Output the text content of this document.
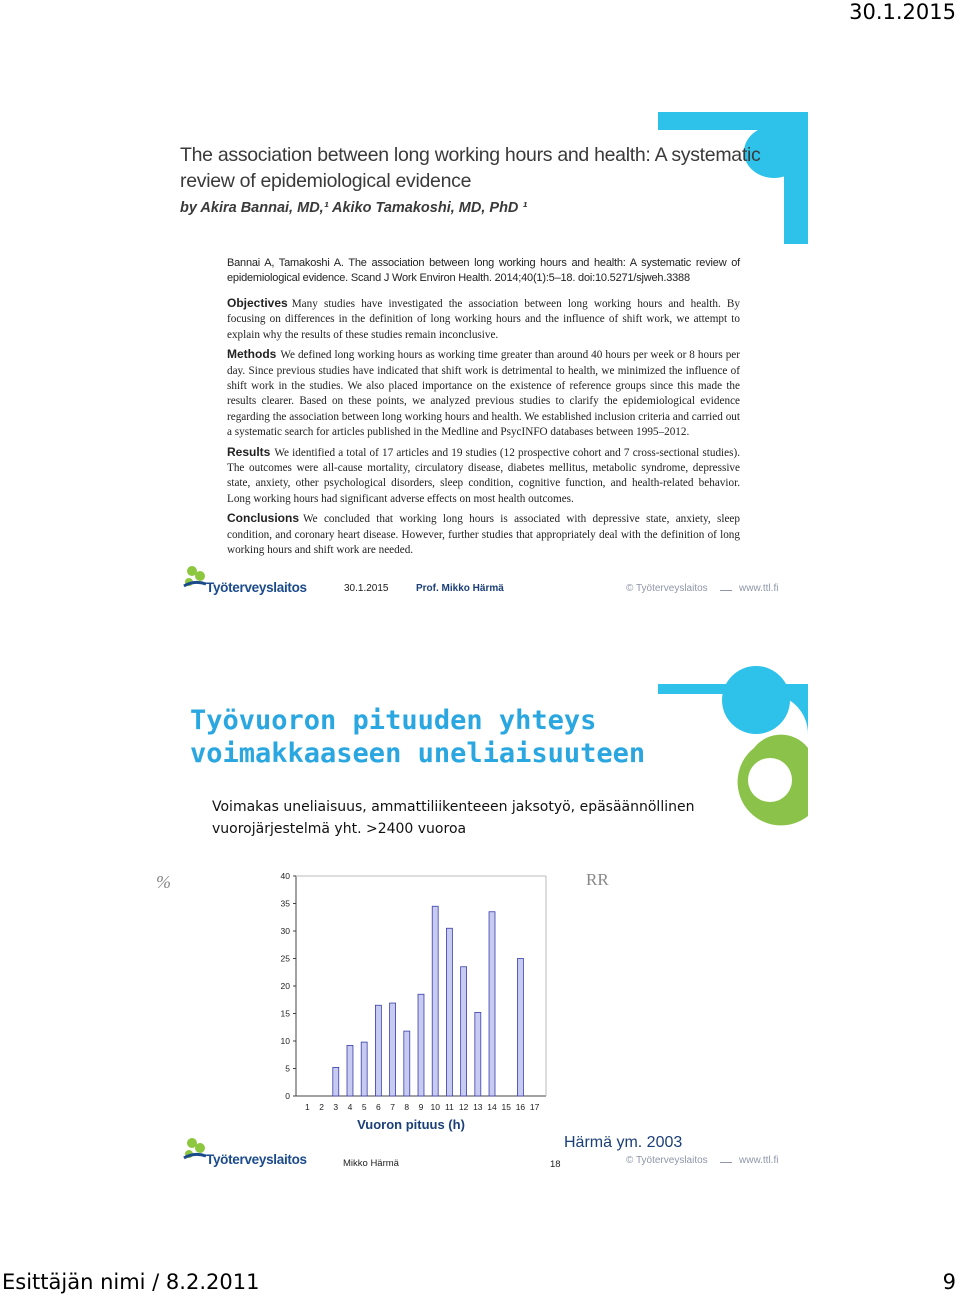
30.1.2015
The association between long working hours and health: A systematic review of epidemiological evidence
by Akira Bannai, MD,¹ Akiko Tamakoshi, MD, PhD ¹

Bannai A, Tamakoshi A. The association between long working hours and health: A systematic review of epidemiological evidence. Scand J Work Environ Health. 2014;40(1):5–18. doi:10.5271/sjweh.3388

Objectives Many studies have investigated the association between long working hours and health. By focusing on differences in the definition of long working hours and the influence of shift work, we attempt to explain why the results of these studies remain inconclusive.

Methods We defined long working hours as working time greater than around 40 hours per week or 8 hours per day. Since previous studies have indicated that shift work is detrimental to health, we minimized the influence of shift work in the studies. We also placed importance on the existence of reference groups since this made the results clearer. Based on these points, we analyzed previous studies to clarify the epidemiological evidence regarding the association between long working hours and health. We established inclusion criteria and carried out a systematic search for articles published in the Medline and PsycINFO databases between 1995–2012.

Results We identified a total of 17 articles and 19 studies (12 prospective cohort and 7 cross-sectional studies). The outcomes were all-cause mortality, circulatory disease, diabetes mellitus, metabolic syndrome, depressive state, anxiety, other psychological disorders, sleep condition, cognitive function, and health-related behavior. Long working hours had significant adverse effects on most health outcomes.

Conclusions We concluded that working long hours is associated with depressive state, anxiety, sleep condition, and coronary heart disease. However, further studies that appropriately deal with the definition of long working hours and shift work are needed.

Työterveyslaitos	30.1.2015	Prof. Mikko Härmä	© Työterveyslaitos	www.ttl.fi
Työvuoron pituuden yhteys voimakkaaseen uneliaisuuteen
Voimakas uneliaisuus, ammattiliikenteeen jaksotyö, epäsäännöllinen vuorojärjestelmä yht. >2400 vuoroa
%	RR
0
5
10
15
20
25
30
35
40
1 2 3 4 5 6 7 8 9 10 11 12 13 14 15 16 17
Vuoron pituus (h)
Härmä ym. 2003
Työterveyslaitos	© Työterveyslaitos	www.ttl.fi
Mikko Härmä	18
Esittäjän nimi / 8.2.2011	9
